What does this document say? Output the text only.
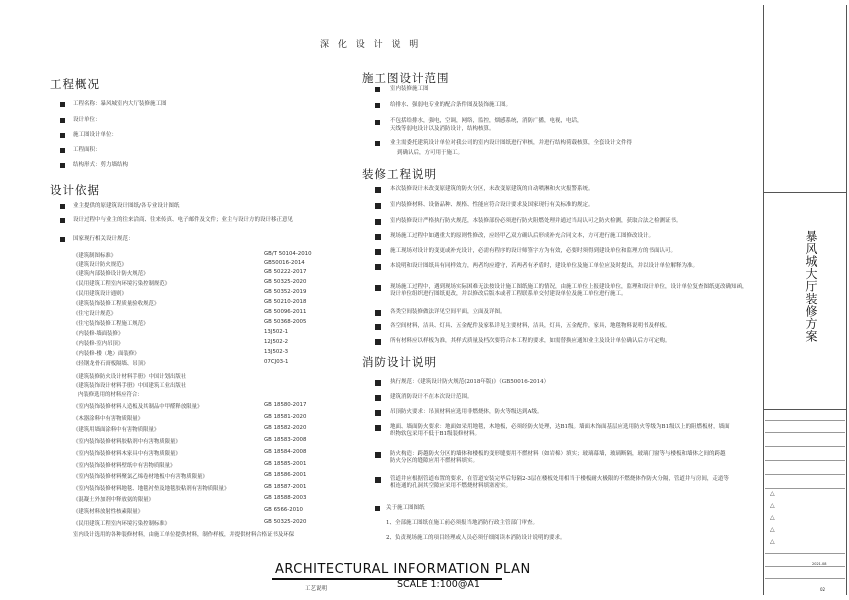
深 化 设 计 说 明
工程概况
工程名称：暴风城室内大厅装修施工图
设计单位：
施工图设计单位：
工程面积：
结构形式：剪力墙结构
设计依据
业主提供的原建筑设计图纸/各专业设计图纸
设计过程中与业主的往来洽商、往来传真、电子邮件及文件；业主与设计方的设计移正意见
国家现行相关设计规范：
《建筑制图标准》	GB/T 50104-2010
《建筑设计防火规范》	GB50016-2014
《建筑内部装修设计防火规范》	GB 50222-2017
《民用建筑工程室内环境污染控制规范》	GB 50325-2020
《民用建筑设计通则》	GB 50352-2019
《建筑装饰装修工程质量验收规范》	GB 50210-2018
《住宅设计规范》	GB 50096-2011
《住宅装饰装修工程施工规范》	GB 50368-2005
《内装修-墙面装修》	13J502-1
《内装修-室内吊顶》	12J502-2
《内装修-楼（地）面装修》	13J502-3
《轻钢龙骨石膏板隔墙、吊顶》	07CJ03-1
《建筑装修防火设计材料手册》中国计划出版社
《建筑装饰设计材料手册》中国建筑工业出版社
内装修选用的材料应符合：
《室内装饰装修材料人造板及其制品中甲醛释放限量》	GB 18580-2017
《木器涂料中有害物质限量》	GB 18581-2020
《建筑用墙面涂料中有害物质限量》	GB 18582-2020
《室内装饰装修材料胶粘剂中有害物质限量》	GB 18583-2008
《室内装饰装修材料木家具中有害物质限量》	GB 18584-2008
《室内装饰装修材料壁纸中有害物质限量》	GB 18585-2001
《室内装饰装修材料聚氯乙烯卷材地板中有害物质限量》	GB 18586-2001
《室内装饰装修材料地毯、地毯衬垫及地毯胶粘剂有害物质限量》	GB 18587-2001
《混凝土外加剂中释放氨的限量》	GB 18588-2003
《建筑材料放射性核素限量》	GB 6566-2010
《民用建筑工程室内环境污染控制标准》	GB 50325-2020
室内设计选用的各种装修材料，由施工单位提供材料，制作样板，并提供材料合格证书及环保
施工图设计范围
室内装修施工图
给排水、强弱电专业的配合条件图及装饰施工图。
不包括给排水，强电，空调，网络，监控，烟感系统，消防广播，电视，电话，
天线等弱电设计以及消防设计，结构核算。
业主需委托建筑设计单位对我公司的室内设计图纸进行审核，并进行结构荷载核算，全套设计文件得
到确认后，方可用于施工。
装修工程说明
本次装修设计未改变原建筑的防火分区，未改变原建筑的自动喷淋和火灾报警系统。
室内装修材料、设备品种、规格、性能应符合设计要求及国家现行有关标准的规定。
室内装修设计严格执行防火规范，本装修部份必须进行防火阻燃处理并通过当局认可之防火检测，获取合法之检测证书。
现场施工过程中如遇重大的原则性修改，应经甲乙双方确认后形成补充合同文本，方可进行施工图修改设计。
施工现场对设计的变更或补充设计，必需有程序的设计师签字方为有效，必要时须得到建设单位和监理方的书面认可。
本说明和设计图纸具有同样效力，两者均应遵守，若两者有矛盾时，建设单位及施工单位应及时提出，并以设计单位解释为准。
现场施工过程中，遇到现场实际困难无法按设计施工图纸施工的情况，由施工单位上报建设单位，监理和设计单位，设计单位复查图纸更改确知函，设计单位组织进行图纸更改，并以修改后版本或者工程联系单交付建设单位及施工单位进行施工。
各类空间装修做法详见空间平面，立面及详图。
各空间材料，洁具、灯具、五金配件及家私详见主要材料，洁具，灯具，五金配件，家具，地毯物料说明书及样板。
所有材料应以样板为准，其样式质量及档次要符合本工程的要求，如需替换应通知业主及设计单位确认后方可定购。
消防设计说明
执行规范：《建筑设计防火规范(2018年版)》（GB50016-2014）
建筑消防设计不在本次设计范围。
吊顶防火要求：吊顶材料应选用非燃烧体，防火等级达到A级。
地面、墙面防火要求：地面如采用地毯，木地板，必须经防火处理，达B1级。墙面木饰面基层应选用防火等级为B1级以上的阻燃板材，墙面织物软包采用不低于B1级装修材料。
防火构造：跨越防火分区的墙体和楼板的变形缝要用不燃材料（如岩棉）填实；玻璃幕墙，玻璃断隔，玻璃门窗等与楼板和墙体之间的跨越防火分区的缝隙应用不燃材料填实。
管道井应根据管道布置的要求，在管道安装完毕后每隔2-3层在楼板处用相当于楼板耐火极限的不燃烧体作防火分隔，管道井与房间，走道等相连通的孔洞其空隙应采用不燃烧材料填塞密实。
关于施工图图纸
1、全部施工图纸在施工前必须报当地消防行政主管部门审查。
2、负责现场施工的项目经理或人员必须仔细阅读本消防设计说明的要求。
ARCHITECTURAL INFORMATION PLAN
工艺说明	SCALE 1:100@A1
暴风城大厅装修方案
△
△
△
△
△
2021.08
02
